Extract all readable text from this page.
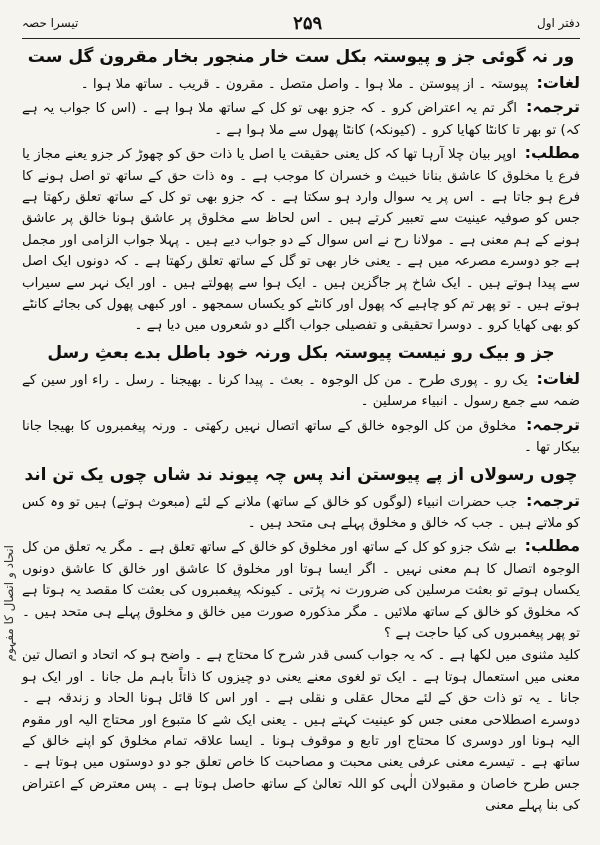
دفتر اول
۲۵۹
تیسرا حصہ

ور نہ گوئی جز و پیوستہ بکل ست خار منجور بخار مقرون گل ست

لغات: پیوستہ ۔ از پیوستن ۔ ملا ہوا ۔ واصل متصل ۔ مقرون ۔ قریب ۔ ساتھ ملا ہوا ۔

ترجمہ: اگر تم یہ اعتراض کرو ۔ کہ جزو بھی تو کل کے ساتھ ملا ہوا ہے ۔ (اس کا جواب یہ ہے کہ) تو بھر تا کانٹا کھایا کرو ۔ (کیونکہ) کانٹا پھول سے ملا ہوا ہے ۔

مطلب: اوپر بیان چلا آرہا تھا کہ کل یعنی حقیقت یا اصل یا ذات حق کو چھوڑ کر جزو یعنے مجاز یا فرع یا مخلوق کا عاشق بنانا خبیث و خسران کا موجب ہے ۔ وہ ذات حق کے ساتھ تو اصل ہونے کا فرع ہو جاتا ہے ۔ اس پر یہ سوال وارد ہو سکتا ہے ۔ کہ جزو بھی تو کل کے ساتھ تعلق رکھتا ہے جس کو صوفیہ عینیت سے تعبیر کرتے ہیں ۔ اس لحاظ سے مخلوق پر عاشق ہونا خالق پر عاشق ہونے کے ہم معنی ہے ۔ مولانا رح نے اس سوال کے دو جواب دیے ہیں ۔ پہلا جواب الزامی اور مجمل ہے جو دوسرے مصرعہ میں ہے ۔ یعنی خار بھی تو گل کے ساتھ تعلق رکھتا ہے ۔ کہ دونوں ایک اصل سے پیدا ہوتے ہیں ۔ ایک شاخ پر جاگزین ہیں ۔ ایک ہوا سے پھولتے ہیں ۔ اور ایک نہر سے سیراب ہوتے ہیں ۔ تو پھر تم کو چاہیے کہ پھول اور کانٹے کو یکساں سمجھو ۔ اور کبھی پھول کی بجائے کانٹے کو بھی کھایا کرو ۔ دوسرا تحقیقی و تفصیلی جواب اگلے دو شعروں میں دیا ہے ۔

جز و بیک رو نیست پیوستہ بکل ورنہ خود باطل بدے بعثِ رسل

لغات: یک رو ۔ پوری طرح ۔ من کل الوجوہ ۔ بعث ۔ پیدا کرنا ۔ بھیجنا ۔ رسل ۔ راء اور سین کے ضمہ سے جمع رسول ۔ انبیاء مرسلین ۔

ترجمہ: مخلوق من کل الوجوہ خالق کے ساتھ اتصال نہیں رکھتی ۔ ورنہ پیغمبروں کا بھیجا جانا بیکار تھا ۔

چوں رسولاں از پے پیوستن اند پس چہ پیوند ند شاں چوں یک تن اند

ترجمہ: جب حضرات انبیاء (لوگوں کو خالق کے ساتھ) ملانے کے لئے (مبعوث ہوتے) ہیں تو وہ کس کو ملاتے ہیں ۔ جب کہ خالق و مخلوق پہلے ہی متحد ہیں ۔

مطلب: بے شک جزو کو کل کے ساتھ اور مخلوق کو خالق کے ساتھ تعلق ہے ۔ مگر یہ تعلق من کل الوجوہ اتصال کا ہم معنی نہیں ۔ اگر ایسا ہوتا اور مخلوق کا عاشق اور خالق کا عاشق دونوں یکساں ہوتے تو بعثت مرسلین کی ضرورت نہ پڑتی ۔ کیونکہ پیغمبروں کی بعثت کا مقصد یہ ہوتا ہے کہ مخلوق کو خالق کے ساتھ ملائیں ۔ مگر مذکورہ صورت میں خالق و مخلوق پہلے ہی متحد ہیں ۔ تو پھر پیغمبروں کی کیا حاجت ہے ؟

کلید مثنوی میں لکھا ہے ۔ کہ یہ جواب کسی قدر شرح کا محتاج ہے ۔ واضح ہو کہ اتحاد و اتصال تین معنی میں استعمال ہوتا ہے ۔ ایک تو لغوی معنے یعنی دو چیزوں کا ذاتاً باہم مل جانا ۔ اور ایک ہو جانا ۔ یہ تو ذات حق کے لئے محال عقلی و نقلی ہے ۔ اور اس کا قائل ہونا الحاد و زندقہ ہے ۔ دوسرے اصطلاحی معنی جس کو عینیت کہتے ہیں ۔ یعنی ایک شے کا متبوع اور محتاج الیہ اور مقوم الیہ ہونا اور دوسری کا محتاج اور تابع و موقوف ہونا ۔ ایسا علاقہ تمام مخلوق کو اپنے خالق کے ساتھ ہے ۔ تیسرے معنی عرفی یعنی محبت و مصاحبت کا خاص تعلق جو دو دوستوں میں ہوتا ہے ۔ جس طرح خاصان و مقبولان الٰہی کو اللہ تعالیٰ کے ساتھ حاصل ہوتا ہے ۔ پس معترض کے اعتراض کی بنا پہلے معنی

انحاد و اتصال کا مفہوم
